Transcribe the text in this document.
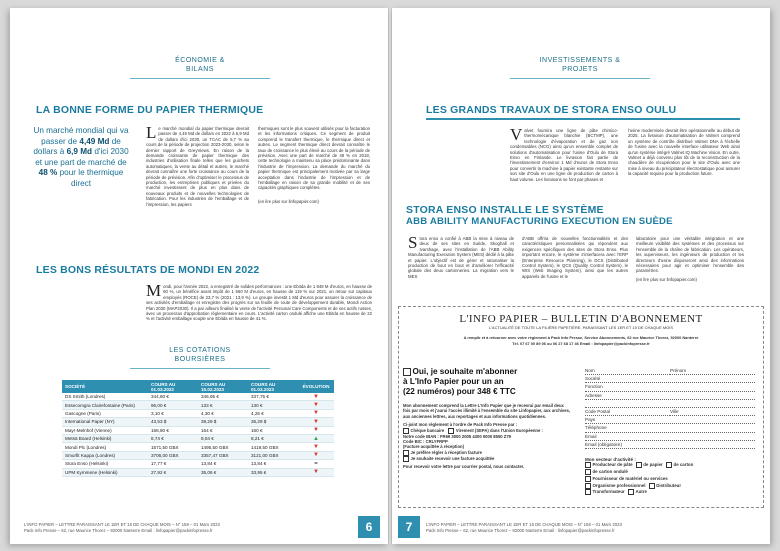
ÉCONOMIE &
BILANS
LA BONNE FORME DU PAPIER THERMIQUE
Un marché mondial qui va passer de 4,49 Md de dollars à 6,9 Md d'ici 2030 et une part de marché de 48 % pour le thermique direct
L e marché mondial du papier thermique devrait passer de 4,49 Md de dollars en 2022 à 6,9 Md de dollars d'ici 2030, un TCAC de 5,7 % au cours de la période de projection 2023-2030, selon le dernier rapport de GreyViews. En raison de la demande croissante de papier thermique des industries d'utilisation finale telles que les guichets automatiques, la vente au détail et autres, le marché devrait connaître une forte croissance au cours de la période de prévision. Afin d'optimiser le processus de production, les entreprises publiques et privées du marché investissent de plus en plus dans de nouveaux produits et de nouvelles technologies de fabrication. Pour les industries de l'emballage et de l'impression, les papiers
thermiques sont le plus souvent utilisés pour la facturation et les informations critiques. Ce segment de produit comprend le transfert thermique, le thermique direct et autres. Le segment thermique direct devrait connaître le taux de croissance le plus élevé au cours de la période de prévision. Avec une part de marché de 48 % en 2018, cette technologie a maintenu sa place prédominante dans l'industrie de l'impression. La demande du marché du papier thermique est principalement motivée par sa large acceptation dans l'industrie de l'impression et de l'emballage en raison de sa grande mobilité et de ses capacités graphiques complètes.
(en lire plus sur linfopapier.com)
LES BONS RÉSULTATS DE MONDI EN 2022
M ondi, pour l'année 2022, a enregistré de solides performances : une Ebitda de 1 848 M d'euros, en hausse de 60 %, un bénéfice avant impôt de 1 560 M d'euros, en hausse de 119 % sur 2021, un retour sur capitaux employés (ROCE) de 23,7 % (2021 : 13,9 %). Le groupe investit 1 Md d'euros pour assurer la croissance de ses activités d'emballage et enregistre des progrès sur sa feuille de route de développement durable, Mondi Action Plan 2030 (MAP2030). Il a par ailleurs finalisé la vente de l'activité Personal Care Components et de ses actifs russes, avec un processus d'approbation réglementaire en cours. L'activité carton ondulé affiche une Ebitda en hausse de 22 % et l'activité emballage souple une Ebitda en hausse de 41 %.
LES COTATIONS
BOURSIÈRES
SOCIÉTÉ	COURS AU 01.03.2022	COURS AU 15.02.2023	COURS AU 01.03.2023	ÉVOLUTION
DS Smith (Londres)	344,60 €	346,95 €	337,75 €	▼
Essecomgra Clairefontaine (Paris)	96,00 €	133 €	130 €	▼
Gascogne (Paris)	3,10 €	4,30 €	4,26 €	▼
International Paper (NY)	43,53 $	39,29 $	36,29 $	▼
Mayr-Melnhof (Vienne)	168,80 €	164 €	160 €	▼
Metsä Board (Helsinki)	8,74 €	8,04 €	8,21 €	▲
Mondi Plc (Londres)	1571,50 GBX	1495,50 GBX	1419,50 GBX	▼
Smurfit Kappa (Londres)	3706,00 GBX	3357,47 GBX	3121,00 GBX	▼
Stora Enso (Helsinki)	17,77 €	13,84 €	13,84 €	=
UPM Kymmene (Helsinki)	27,92 €	35,06 €	33,95 €	▼
L'INFO PAPIER – LETTRE PARAISSANT LE 1ER ET 15 DE CHAQUE MOIS – N° 158 – 01 Mars 2023
Pack Info Presse – 62, rue Maurice Thorez – 92000 Nanterre Email : linfopapier@packinfopresse.fr	6
INVESTISSEMENTS &
PROJETS
LES GRANDS TRAVAUX DE STORA ENSO OULU
V alvet fournira une ligne de pâte chimico-thermomécanique blanchie (BCTMP), une technologie d'évaporation et de gaz non condensables (NCG) ainsi qu'un ensemble complet de solutions d'automatisation pour l'usine d'Oulu de Stora Enso en Finlande. Le livrasion fait partie de l'investissement d'environ 1 Md d'euros de Stora Enso pour convertir la machine à papier existante restante sur son site d'Oulu en une ligne de production de carton à haut volume. Les livraisons se font par phases et
l'usine modernisée devrait être opérationnelle au début de 2025. La livraison d'automatisation de Valmet comprend un système de contrôle distribué Valmet DNA à l'échelle de l'usine avec la nouvelle interface utilisateur Web ainsi qu'un système intégré Valmet IQ Machine Vision. En outre, Valmet a déjà convenu plus tôt de la reconstruction de la chaudière de récupération pour le site d'Oulu avec une mise à niveau du précipitateur électrostatique pour assurer la capacité requise pour la production future.
STORA ENSO INSTALLE LE SYSTÈME
ABB ABILITY MANUFACTURING EXECUTION EN SUÈDE
S tora enso a confié à ABB la mise à niveau de deux de ses sites en Suède, Skoghall et Ivarshage, avec l'installation de l'ABB Ability Manufacturing Execution System (MES) dédié à la pâte et papier. L'objectif est de gérer et rationaliser la production de bout en bout et d'améliorer l'efficacité globale des deux cartonneries. La migration vers le MES
d'ABB offrira de nouvelles fonctionnalités et des caractéristiques personnalisées qui répondent aux exigences spécifiques des sites de Stora Enso. Plus important encore, le système s'interfacera avec l'ERP (Enterprise Resource Planning), le DCS (Distributed Control System), le QCS (Quality Control System), le WIS (Web Imaging System), ainsi que les autres appareils de l'usine et le
laboratoire pour une véritable intégration et une meilleure visibilité des systèmes et des processus sur l'ensemble de la chaîne de fabrication. Les opérateurs, les superviseurs, les ingénieurs de production et les directeurs d'usine disposeront ainsi des informations nécessaires pour agir et optimiser l'ensemble des paramètres.
(en lire plus sur linfopapier.com)
L'INFO PAPIER – BULLETIN D'ABONNEMENT
L'ACTUALITÉ DE TOUTE LA FILIÈRE PAPETIÈRE, PARAISSANT LES 1ER ET 15 DE CHAQUE MOIS
A remplir et à retourner avec votre règlement à Pack Info Presse, Service Abonnements, 62 rue Maurice Thorez, 92000 Nanterre
Tél. 07 67 00 89 06 ou 06 27 68 17 46 Email : linfopapier@packinfopresse.fr
Oui, je souhaite m'abonner
à L'Info Papier pour un an
(22 numéros) pour 348 € TTC
Mon abonnement comprend la Lettre L'Info Papier que je recevrai par email deux fois par mois et j'aurai l'accès illimité à l'ensemble du site Linfopapier, aux archives, aux anciennes lettres, aux reportages et aux informations quotidiennes.
Ci-joint mon règlement à l'ordre de Pack Info Presse par :
Chèque bancaire	Virement (SEPA) dans l'Union Européenne :
Notre code IBAN : FR69 3000 2005 4300 0000 8550 Z79
Code BIC : CRLYFRPP
(Facture acquittée à réception)
Je préfère régler à réception facture
Je souhaite recevoir une facture acquittée
Pour recevoir votre lettre par courrier postal, nous contacter.
Nom	Prénom
Société
Fonction
Adresse
Code Postal	Ville
Pays
Téléphone
Email
Email (obligatoire)
Mon secteur d'activité :
Producteur de pâte de papier de carton
de carton ondulé
Fournisseur de matériel ou services
Organisme professionnel Distributeur
Transformateur Autre
L'INFO PAPIER – LETTRE PARAISSANT LE 1ER ET 15 DE CHAQUE MOIS – N° 158 – 01 Mars 2023
Pack Info Presse – 62, rue Maurice Thorez – 92000 Nanterre Email : linfopapier@packinfopresse.fr
7
